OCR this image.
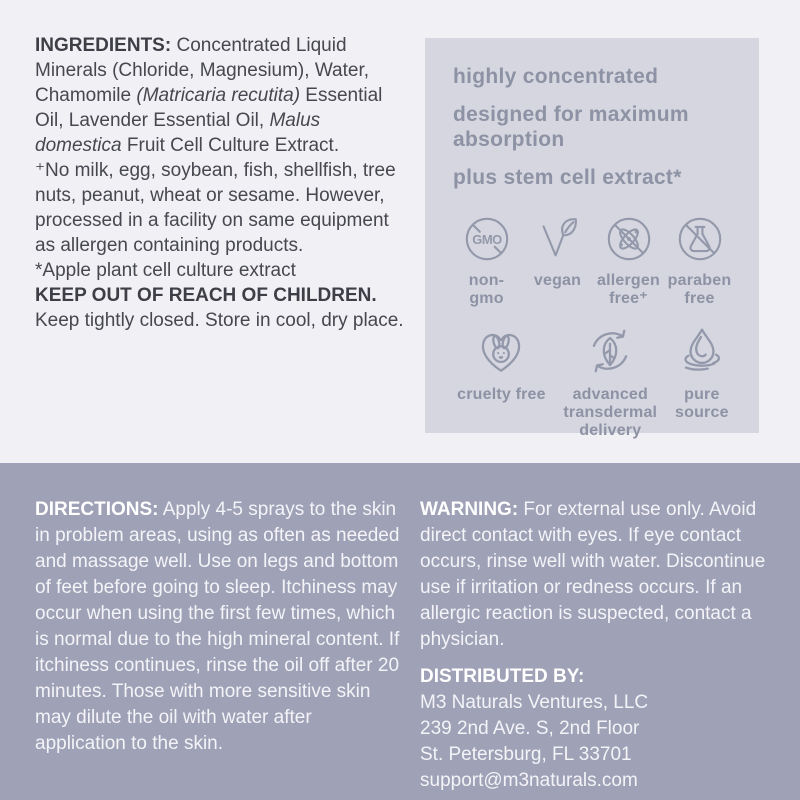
INGREDIENTS: Concentrated Liquid Minerals (Chloride, Magnesium), Water, Chamomile (Matricaria recutita) Essential Oil, Lavender Essential Oil, Malus domestica Fruit Cell Culture Extract.

⁺No milk, egg, soybean, fish, shellfish, tree nuts, peanut, wheat or sesame. However, processed in a facility on same equipment as allergen containing products.

*Apple plant cell culture extract

KEEP OUT OF REACH OF CHILDREN. Keep tightly closed. Store in cool, dry place.

highly concentrated
designed for maximum absorption
plus stem cell extract*
GMO
non-gmo
vegan allergen free⁺
paraben free
cruelty free	advanced transdermal delivery
pure source

DIRECTIONS: Apply 4-5 sprays to the skin in problem areas, using as often as needed and massage well. Use on legs and bottom of feet before going to sleep. Itchiness may occur when using the first few times, which is normal due to the high mineral content. If itchiness continues, rinse the oil off after 20 minutes. Those with more sensitive skin may dilute the oil with water after application to the skin.

WARNING: For external use only. Avoid direct contact with eyes. If eye contact occurs, rinse well with water. Discontinue use if irritation or redness occurs. If an allergic reaction is suspected, contact a physician.

DISTRIBUTED BY:
M3 Naturals Ventures, LLC
239 2nd Ave. S, 2nd Floor
St. Petersburg, FL 33701
support@m3naturals.com
